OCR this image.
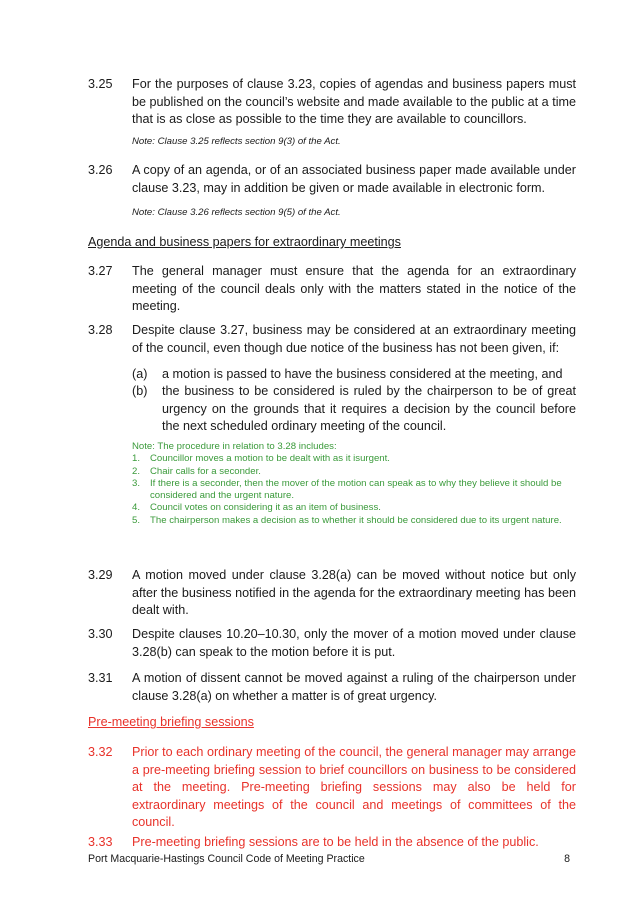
3.25	For the purposes of clause 3.23, copies of agendas and business papers must be published on the council’s website and made available to the public at a time that is as close as possible to the time they are available to councillors.
Note: Clause 3.25 reflects section 9(3) of the Act.
3.26	A copy of an agenda, or of an associated business paper made available under clause 3.23, may in addition be given or made available in electronic form.
Note: Clause 3.26 reflects section 9(5) of the Act.
Agenda and business papers for extraordinary meetings
3.27	The general manager must ensure that the agenda for an extraordinary meeting of the council deals only with the matters stated in the notice of the meeting.
3.28	Despite clause 3.27, business may be considered at an extraordinary meeting of the council, even though due notice of the business has not been given, if:
(a)	a motion is passed to have the business considered at the meeting, and
(b)	the business to be considered is ruled by the chairperson to be of great urgency on the grounds that it requires a decision by the council before the next scheduled ordinary meeting of the council.
Note: The procedure in relation to 3.28 includes:
1. Councillor moves a motion to be dealt with as it isurgent.
2. Chair calls for a seconder.
3. If there is a seconder, then the mover of the motion can speak as to why they believe it should be considered and the urgent nature.
4. Council votes on considering it as an item of business.
5. The chairperson makes a decision as to whether it should be considered due to its urgent nature.
3.29	A motion moved under clause 3.28(a) can be moved without notice but only after the business notified in the agenda for the extraordinary meeting has been dealt with.
3.30	Despite clauses 10.20–10.30, only the mover of a motion moved under clause 3.28(b) can speak to the motion before it is put.
3.31	A motion of dissent cannot be moved against a ruling of the chairperson under clause 3.28(a) on whether a matter is of great urgency.
Pre-meeting briefing sessions
3.32	Prior to each ordinary meeting of the council, the general manager may arrange a pre-meeting briefing session to brief councillors on business to be considered at the meeting. Pre-meeting briefing sessions may also be held for extraordinary meetings of the council and meetings of committees of the council.
3.33	Pre-meeting briefing sessions are to be held in the absence of the public.
Port Macquarie-Hastings Council Code of Meeting Practice	8
